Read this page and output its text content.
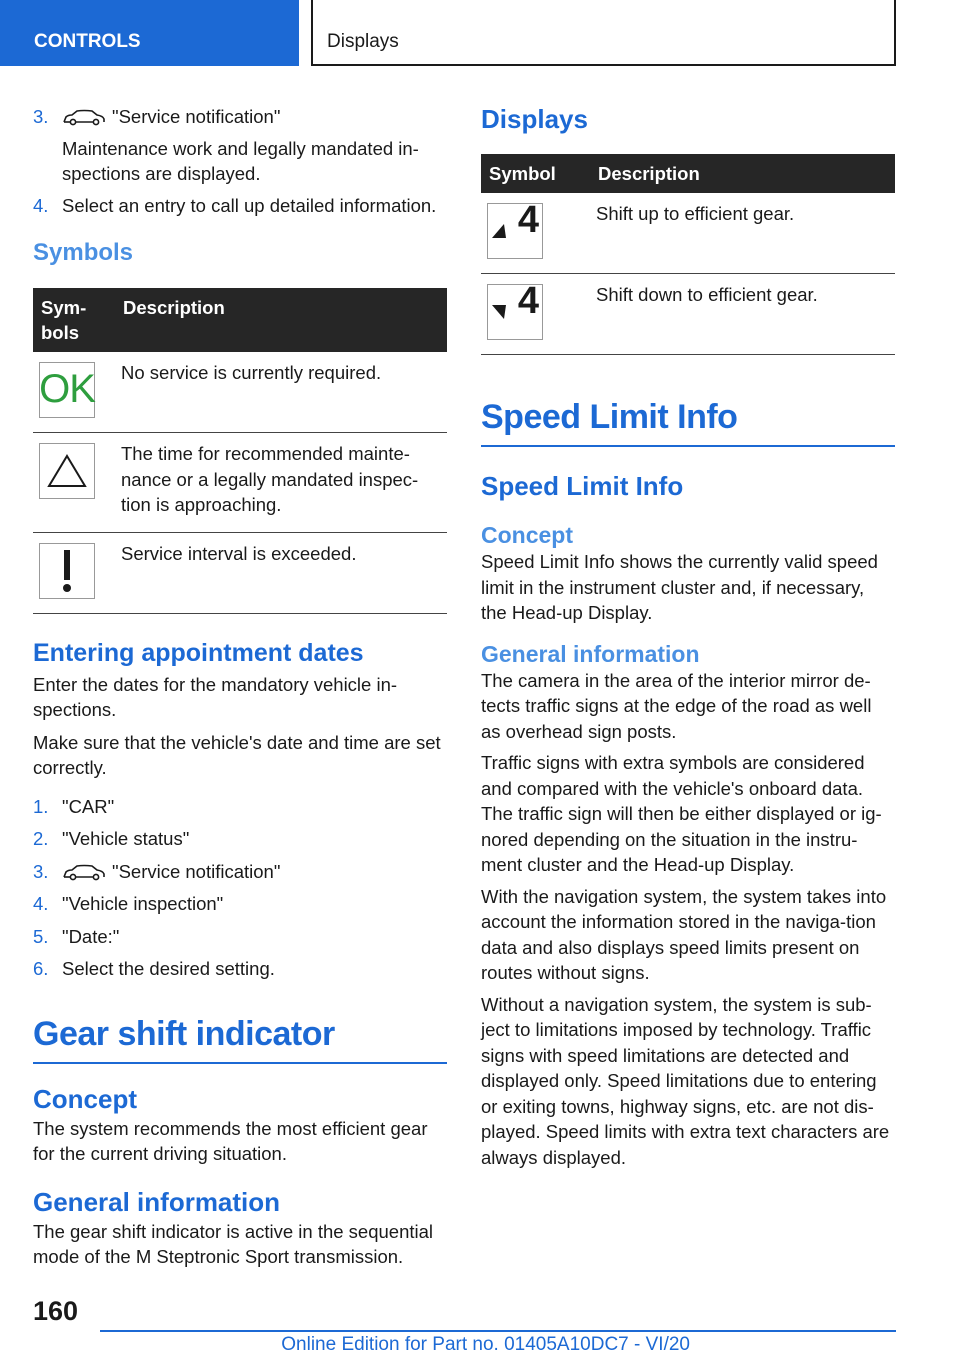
CONTROLS	Displays
3.	"Service notification"
Maintenance work and legally mandated in‐spections are displayed.
4. Select an entry to call up detailed information.
Symbols
Sym‐bols	Description

OK	No service is currently required.

	The time for recommended mainte‐nance or a legally mandated inspec‐tion is approaching.

	Service interval is exceeded.
Entering appointment dates

Enter the dates for the mandatory vehicle in‐spections.

Make sure that the vehicle's date and time are set correctly.

1. "CAR"
2. "Vehicle status"
3.	"Service notification"
4. "Vehicle inspection"
5. "Date:"
6. Select the desired setting.
Gear shift indicator
Concept

The system recommends the most efficient gear for the current driving situation.

General information

The gear shift indicator is active in the sequential mode of the M Steptronic Sport transmission.

Displays
Symbol	Description

4	Shift up to efficient gear.

4	Shift down to efficient gear.
Speed Limit Info
Speed Limit Info
Concept

Speed Limit Info shows the currently valid speed limit in the instrument cluster and, if necessary, the Head-up Display.

General information

The camera in the area of the interior mirror de‐tects traffic signs at the edge of the road as well as overhead sign posts.

Traffic signs with extra symbols are considered and compared with the vehicle's onboard data. The traffic sign will then be either displayed or ig‐nored depending on the situation in the instru‐ment cluster and the Head-up Display.

With the navigation system, the system takes into account the information stored in the naviga‐tion data and also displays speed limits present on routes without signs.

Without a navigation system, the system is sub‐ject to limitations imposed by technology. Traffic signs with speed limitations are detected and displayed only. Speed limitations due to entering or exiting towns, highway signs, etc. are not dis‐played. Speed limits with extra text characters are always displayed.

160
Online Edition for Part no. 01405A10DC7 - VI/20
